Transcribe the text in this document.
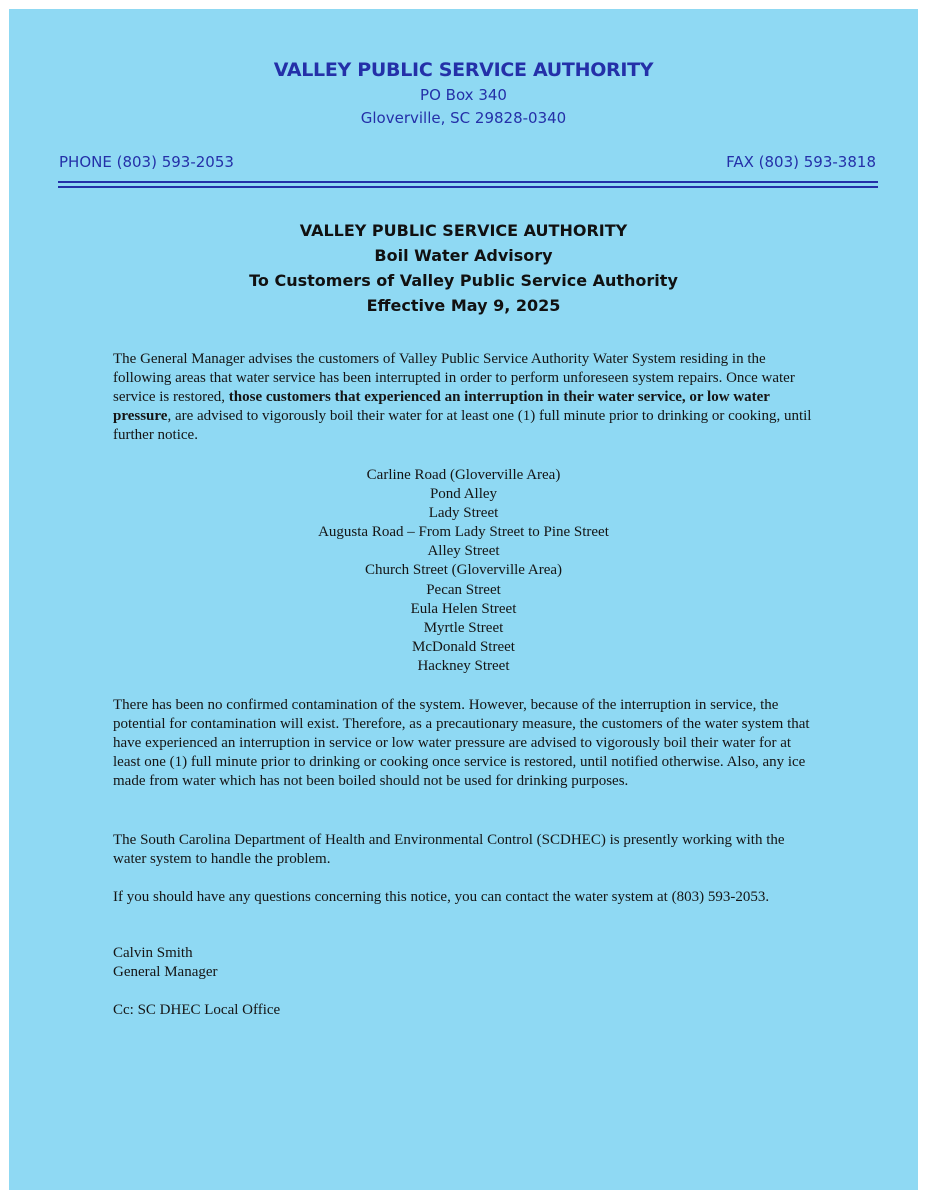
VALLEY PUBLIC SERVICE AUTHORITY
PO Box 340
Gloverville, SC 29828-0340
PHONE (803) 593-2053	FAX (803) 593-3818
VALLEY PUBLIC SERVICE AUTHORITY
Boil Water Advisory
To Customers of Valley Public Service Authority
Effective May 9, 2025
The General Manager advises the customers of Valley Public Service Authority Water System residing in the following areas that water service has been interrupted in order to perform unforeseen system repairs. Once water service is restored, those customers that experienced an interruption in their water service, or low water pressure, are advised to vigorously boil their water for at least one (1) full minute prior to drinking or cooking, until further notice.
Carline Road (Gloverville Area)
Pond Alley
Lady Street
Augusta Road – From Lady Street to Pine Street
Alley Street
Church Street (Gloverville Area)
Pecan Street
Eula Helen Street
Myrtle Street
McDonald Street
Hackney Street
There has been no confirmed contamination of the system. However, because of the interruption in service, the potential for contamination will exist. Therefore, as a precautionary measure, the customers of the water system that have experienced an interruption in service or low water pressure are advised to vigorously boil their water for at least one (1) full minute prior to drinking or cooking once service is restored, until notified otherwise. Also, any ice made from water which has not been boiled should not be used for drinking purposes.
The South Carolina Department of Health and Environmental Control (SCDHEC) is presently working with the water system to handle the problem.
If you should have any questions concerning this notice, you can contact the water system at (803) 593-2053.
Calvin Smith
General Manager
Cc: SC DHEC Local Office
